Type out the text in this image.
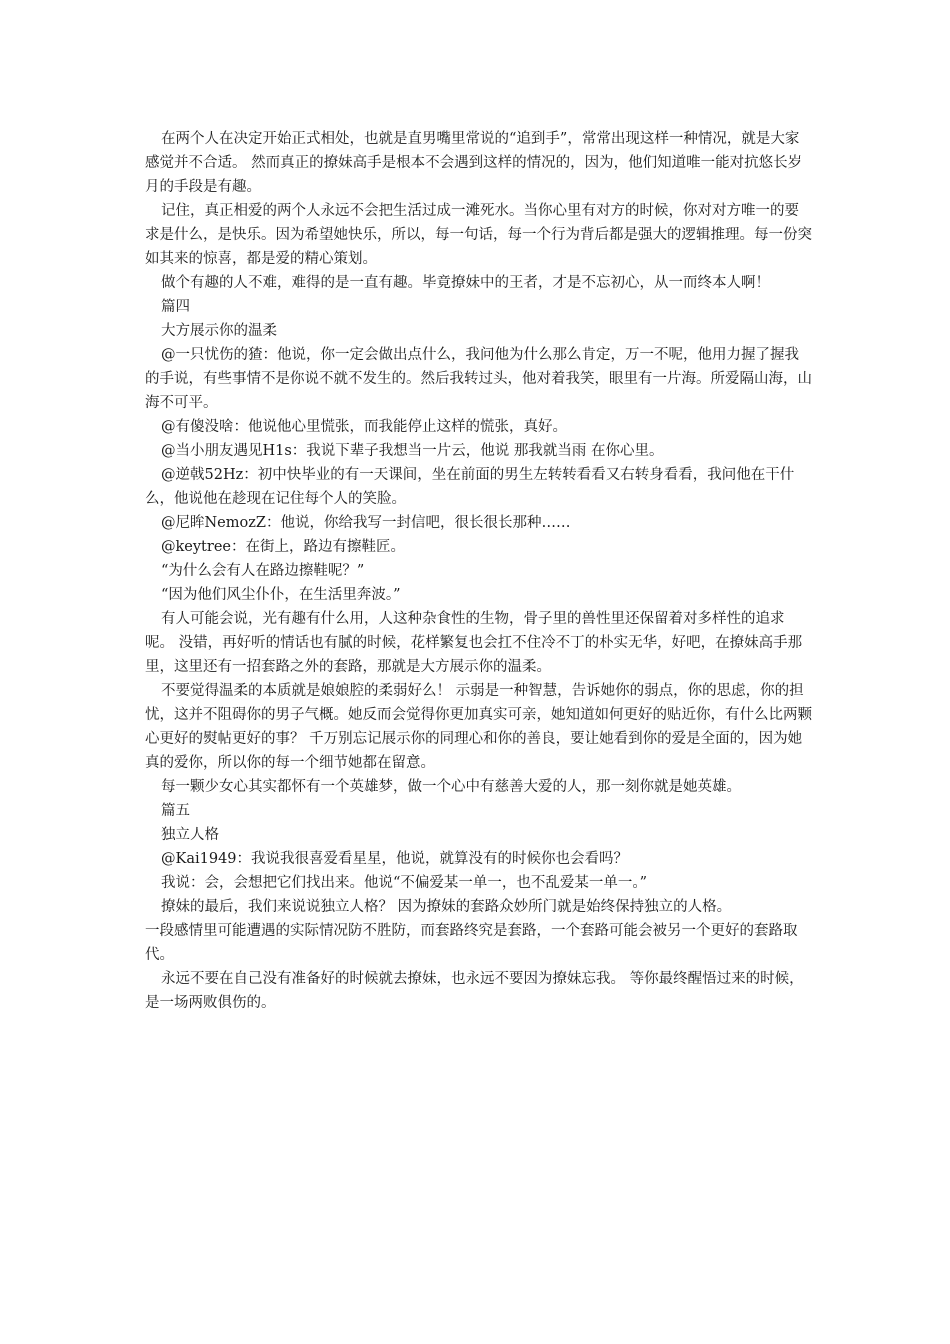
在两个人在决定开始正式相处，也就是直男嘴里常说的“追到手”，常常出现这样一种情况，就是大家感觉并不合适。 然而真正的撩妹高手是根本不会遇到这样的情况的，因为，他们知道唯一能对抗悠长岁月的手段是有趣。

记住，真正相爱的两个人永远不会把生活过成一滩死水。当你心里有对方的时候，你对对方唯一的要求是什么，是快乐。因为希望她快乐，所以，每一句话，每一个行为背后都是强大的逻辑推理。每一份突如其来的惊喜，都是爱的精心策划。

做个有趣的人不难，难得的是一直有趣。毕竟撩妹中的王者，才是不忘初心，从一而终本人啊！

篇四

大方展示你的温柔

@一只忧伤的猹：他说，你一定会做出点什么，我问他为什么那么肯定，万一不呢，他用力握了握我的手说，有些事情不是你说不就不发生的。然后我转过头，他对着我笑，眼里有一片海。所爱隔山海，山海不可平。

@有傻没啥：他说他心里慌张，而我能停止这样的慌张，真好。

@当小朋友遇见H1s：我说下辈子我想当一片云，他说 那我就当雨 在你心里。

@逆戟52Hz：初中快毕业的有一天课间，坐在前面的男生左转转看看又右转身看看，我问他在干什么，他说他在趁现在记住每个人的笑脸。

@尼眸NemozZ：他说，你给我写一封信吧，很长很长那种……

@keytree：在街上，路边有擦鞋匠。

“为什么会有人在路边擦鞋呢？”

“因为他们风尘仆仆，在生活里奔波。”

有人可能会说，光有趣有什么用，人这种杂食性的生物，骨子里的兽性里还保留着对多样性的追求呢。 没错，再好听的情话也有腻的时候，花样繁复也会扛不住冷不丁的朴实无华，好吧，在撩妹高手那里，这里还有一招套路之外的套路，那就是大方展示你的温柔。

不要觉得温柔的本质就是娘娘腔的柔弱好么！ 示弱是一种智慧，告诉她你的弱点，你的思虑，你的担忧，这并不阻碍你的男子气概。她反而会觉得你更加真实可亲，她知道如何更好的贴近你，有什么比两颗心更好的熨帖更好的事？ 千万别忘记展示你的同理心和你的善良，要让她看到你的爱是全面的，因为她真的爱你，所以你的每一个细节她都在留意。

每一颗少女心其实都怀有一个英雄梦，做一个心中有慈善大爱的人，那一刻你就是她英雄。

篇五

独立人格

@Kai1949：我说我很喜爱看星星，他说，就算没有的时候你也会看吗？

我说：会，会想把它们找出来。他说“不偏爱某一单一，也不乱爱某一单一。”

撩妹的最后，我们来说说独立人格？ 因为撩妹的套路众妙所门就是始终保持独立的人格。

一段感情里可能遭遇的实际情况防不胜防，而套路终究是套路，一个套路可能会被另一个更好的套路取代。

永远不要在自己没有准备好的时候就去撩妹，也永远不要因为撩妹忘我。 等你最终醒悟过来的时候，是一场两败俱伤的。
